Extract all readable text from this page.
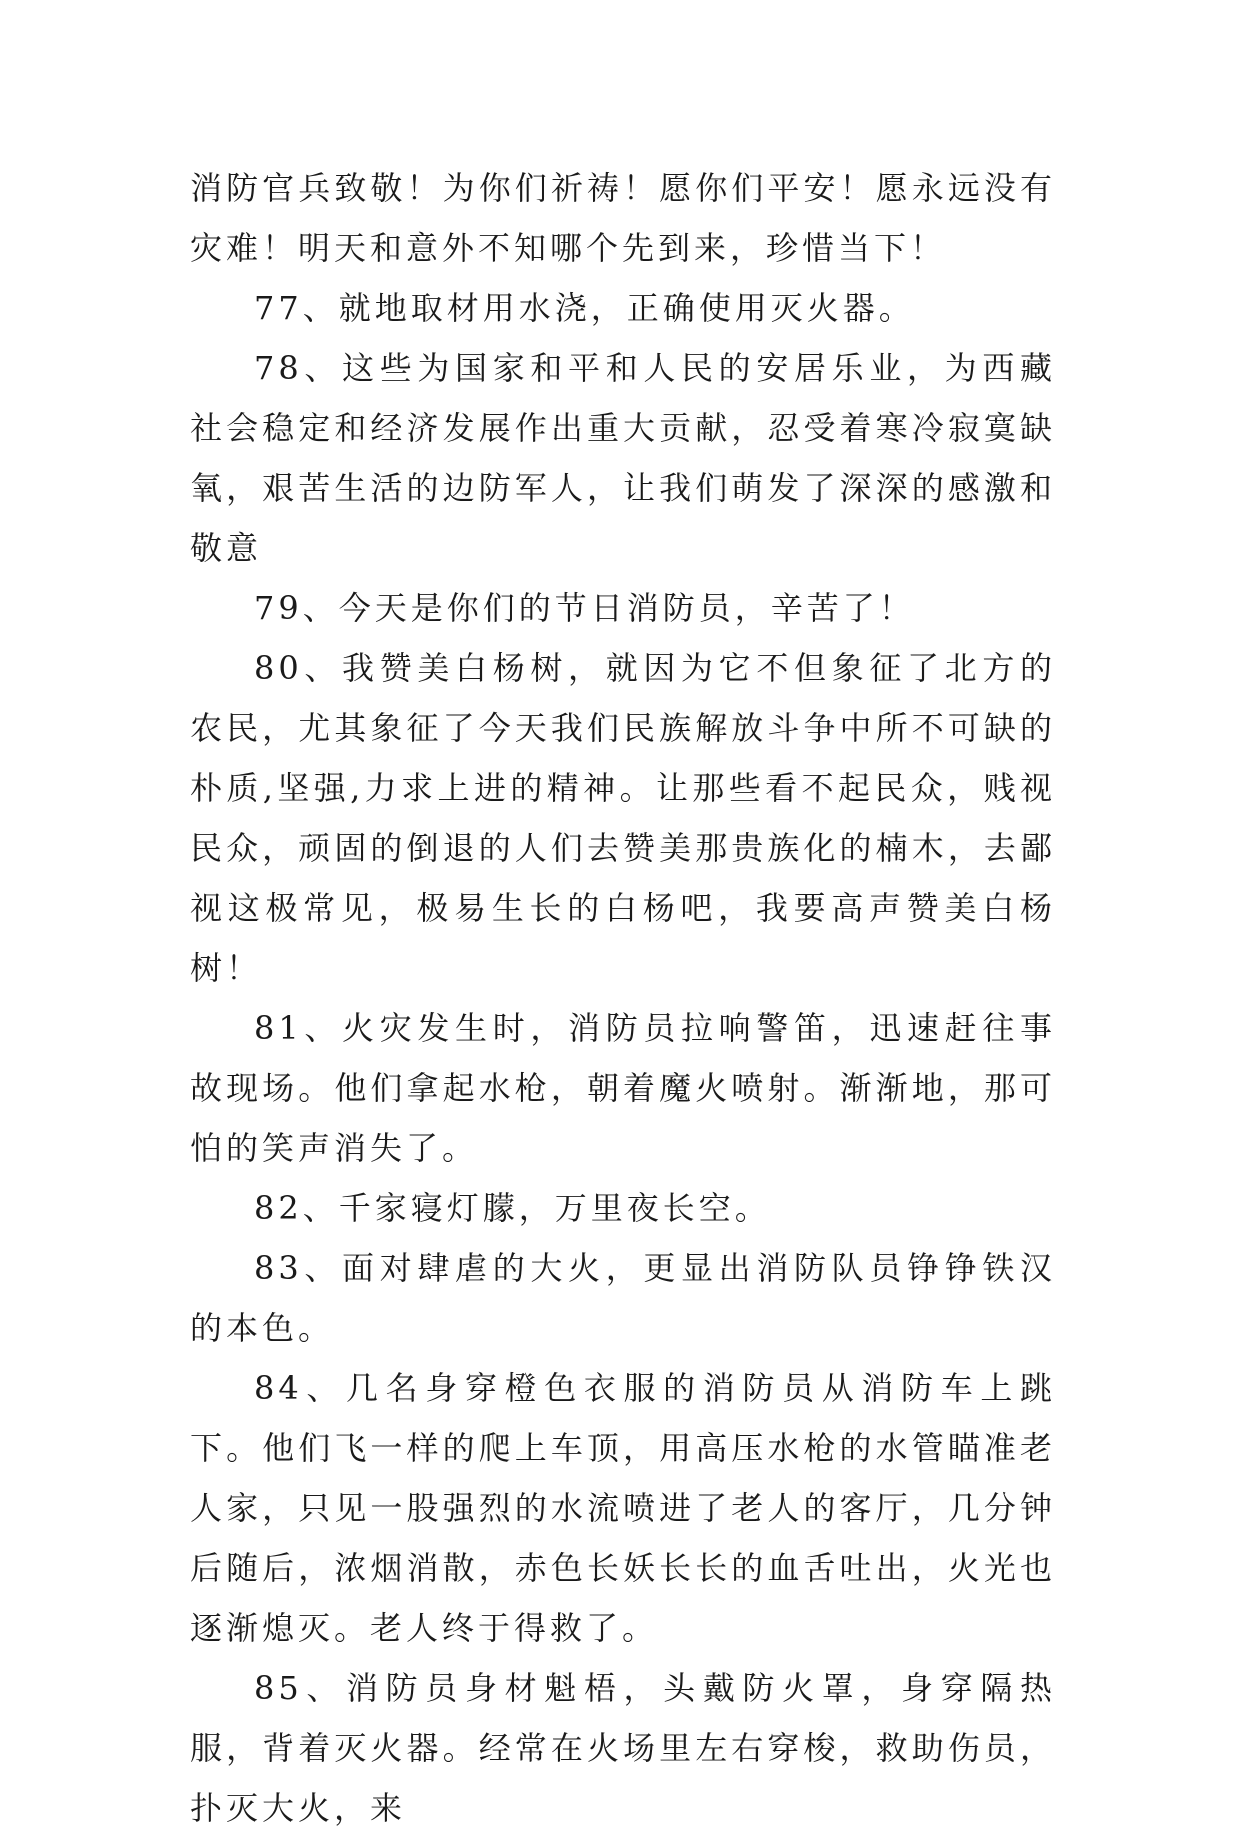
消防官兵致敬！为你们祈祷！愿你们平安！愿永远没有灾难！明天和意外不知哪个先到来，珍惜当下！

77、就地取材用水浇，正确使用灭火器。

78、这些为国家和平和人民的安居乐业，为西藏社会稳定和经济发展作出重大贡献，忍受着寒冷寂寞缺氧，艰苦生活的边防军人，让我们萌发了深深的感激和敬意

79、今天是你们的节日消防员，辛苦了！

80、我赞美白杨树，就因为它不但象征了北方的农民，尤其象征了今天我们民族解放斗争中所不可缺的朴质,坚强,力求上进的精神。让那些看不起民众，贱视民众，顽固的倒退的人们去赞美那贵族化的楠木，去鄙视这极常见，极易生长的白杨吧，我要高声赞美白杨树！

81、火灾发生时，消防员拉响警笛，迅速赶往事故现场。他们拿起水枪，朝着魔火喷射。渐渐地，那可怕的笑声消失了。

82、千家寝灯朦，万里夜长空。

83、面对肆虐的大火，更显出消防队员铮铮铁汉的本色。

84、几名身穿橙色衣服的消防员从消防车上跳下。他们飞一样的爬上车顶，用高压水枪的水管瞄准老人家，只见一股强烈的水流喷进了老人的客厅，几分钟后随后，浓烟消散，赤色长妖长长的血舌吐出，火光也逐渐熄灭。老人终于得救了。

85、消防员身材魁梧，头戴防火罩，身穿隔热服，背着灭火器。经常在火场里左右穿梭，救助伤员，扑灭大火，来
